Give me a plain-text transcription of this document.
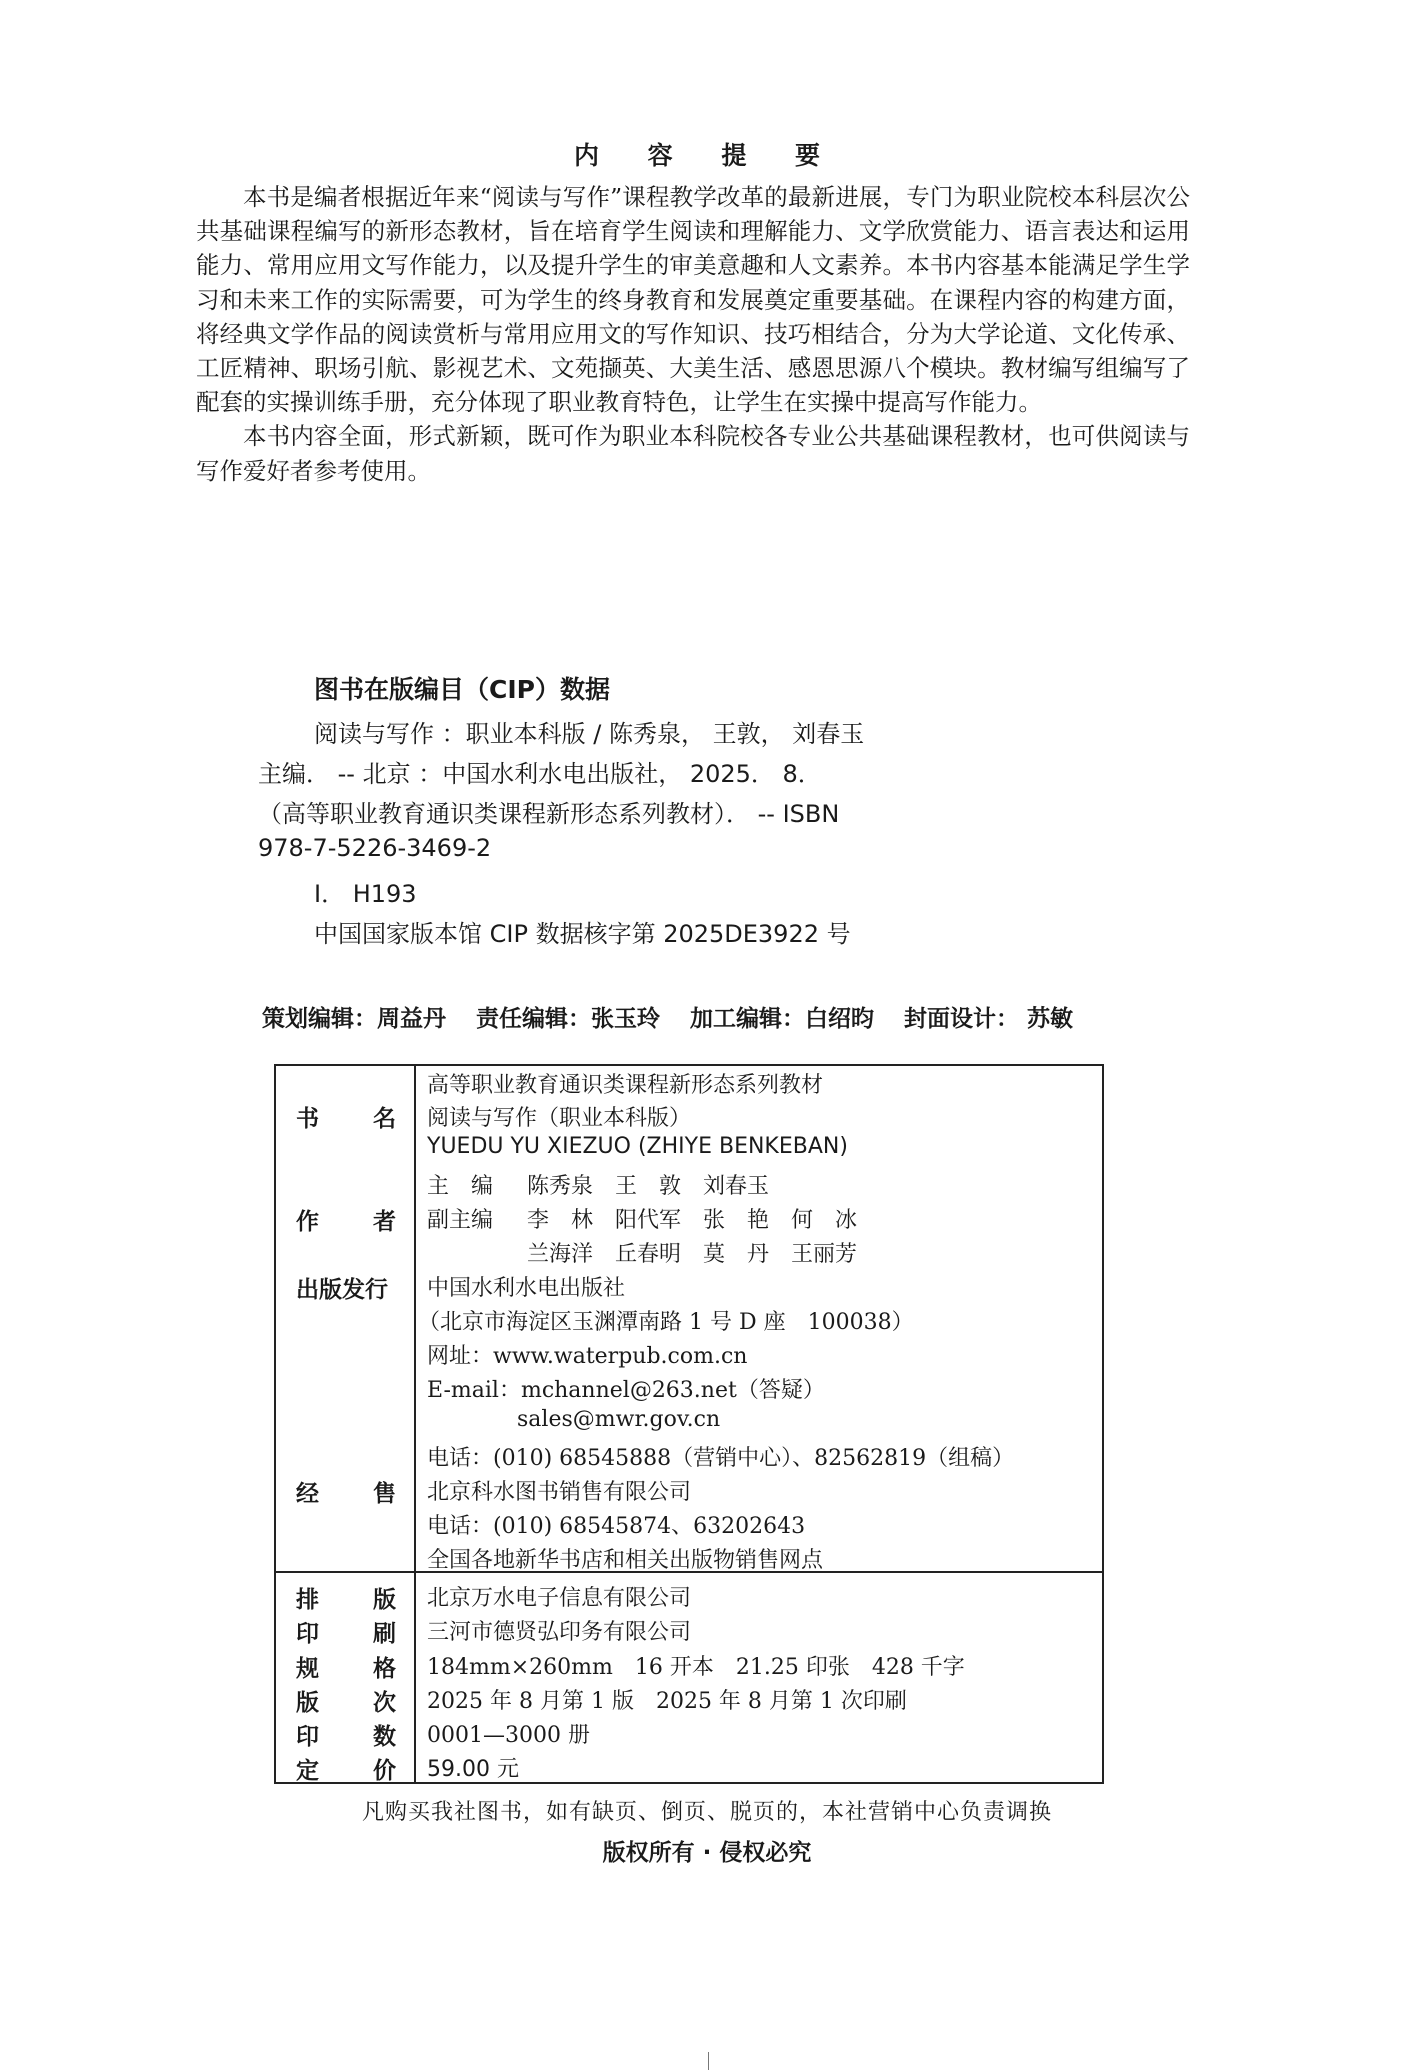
内 容 提 要

本书是编者根据近年来“阅读与写作”课程教学改革的最新进展，专门为职业院校本科层次公共基础课程编写的新形态教材，旨在培育学生阅读和理解能力、文学欣赏能力、语言表达和运用能力、常用应用文写作能力，以及提升学生的审美意趣和人文素养。本书内容基本能满足学生学习和未来工作的实际需要，可为学生的终身教育和发展奠定重要基础。在课程内容的构建方面，将经典文学作品的阅读赏析与常用应用文的写作知识、技巧相结合，分为大学论道、文化传承、工匠精神、职场引航、影视艺术、文苑撷英、大美生活、感恩思源八个模块。教材编写组编写了配套的实操训练手册，充分体现了职业教育特色，让学生在实操中提高写作能力。

本书内容全面，形式新颖，既可作为职业本科院校各专业公共基础课程教材，也可供阅读与写作爱好者参考使用。

图书在版编目（CIP）数据
阅读与写作 ：职业本科版 / 陈秀泉， 王敦， 刘春玉
主编． -- 北京 ：中国水利水电出版社， 2025． 8．
（高等职业教育通识类课程新形态系列教材）． -- ISBN
978-7-5226-3469-2
Ⅰ． H193
中国国家版本馆 CIP 数据核字第 2025DE3922 号
策划编辑：周益丹 责任编辑：张玉玲 加工编辑：白绍昀 封面设计： 苏敏
书 名
高等职业教育通识类课程新形态系列教材
阅读与写作（职业本科版）
YUEDU YU XIEZUO (ZHIYE BENKEBAN)
作 者
主　编 陈秀泉　王　敦　刘春玉
副主编 李　林　阳代军　张　艳　何　冰
兰海洋　丘春明　莫　丹　王丽芳
出版发行	中国水利水电出版社
（北京市海淀区玉渊潭南路 1 号 D 座　100038）
网址：www.waterpub.com.cn
E-mail：mchannel@263.net（答疑）
sales@mwr.gov.cn
电话：(010) 68545888（营销中心）、82562819（组稿）
经 售 北京科水图书销售有限公司
电话：(010) 68545874、63202643
全国各地新华书店和相关出版物销售网点
排 版 北京万水电子信息有限公司
印 刷 三河市德贤弘印务有限公司
规 格 184mm×260mm　16 开本　21.25 印张　428 千字
版 次 2025 年 8 月第 1 版　2025 年 8 月第 1 次印刷
印 数 0001—3000 册
定 价 59.00 元
凡购买我社图书，如有缺页、倒页、脱页的，本社营销中心负责调换
版权所有 · 侵权必究
